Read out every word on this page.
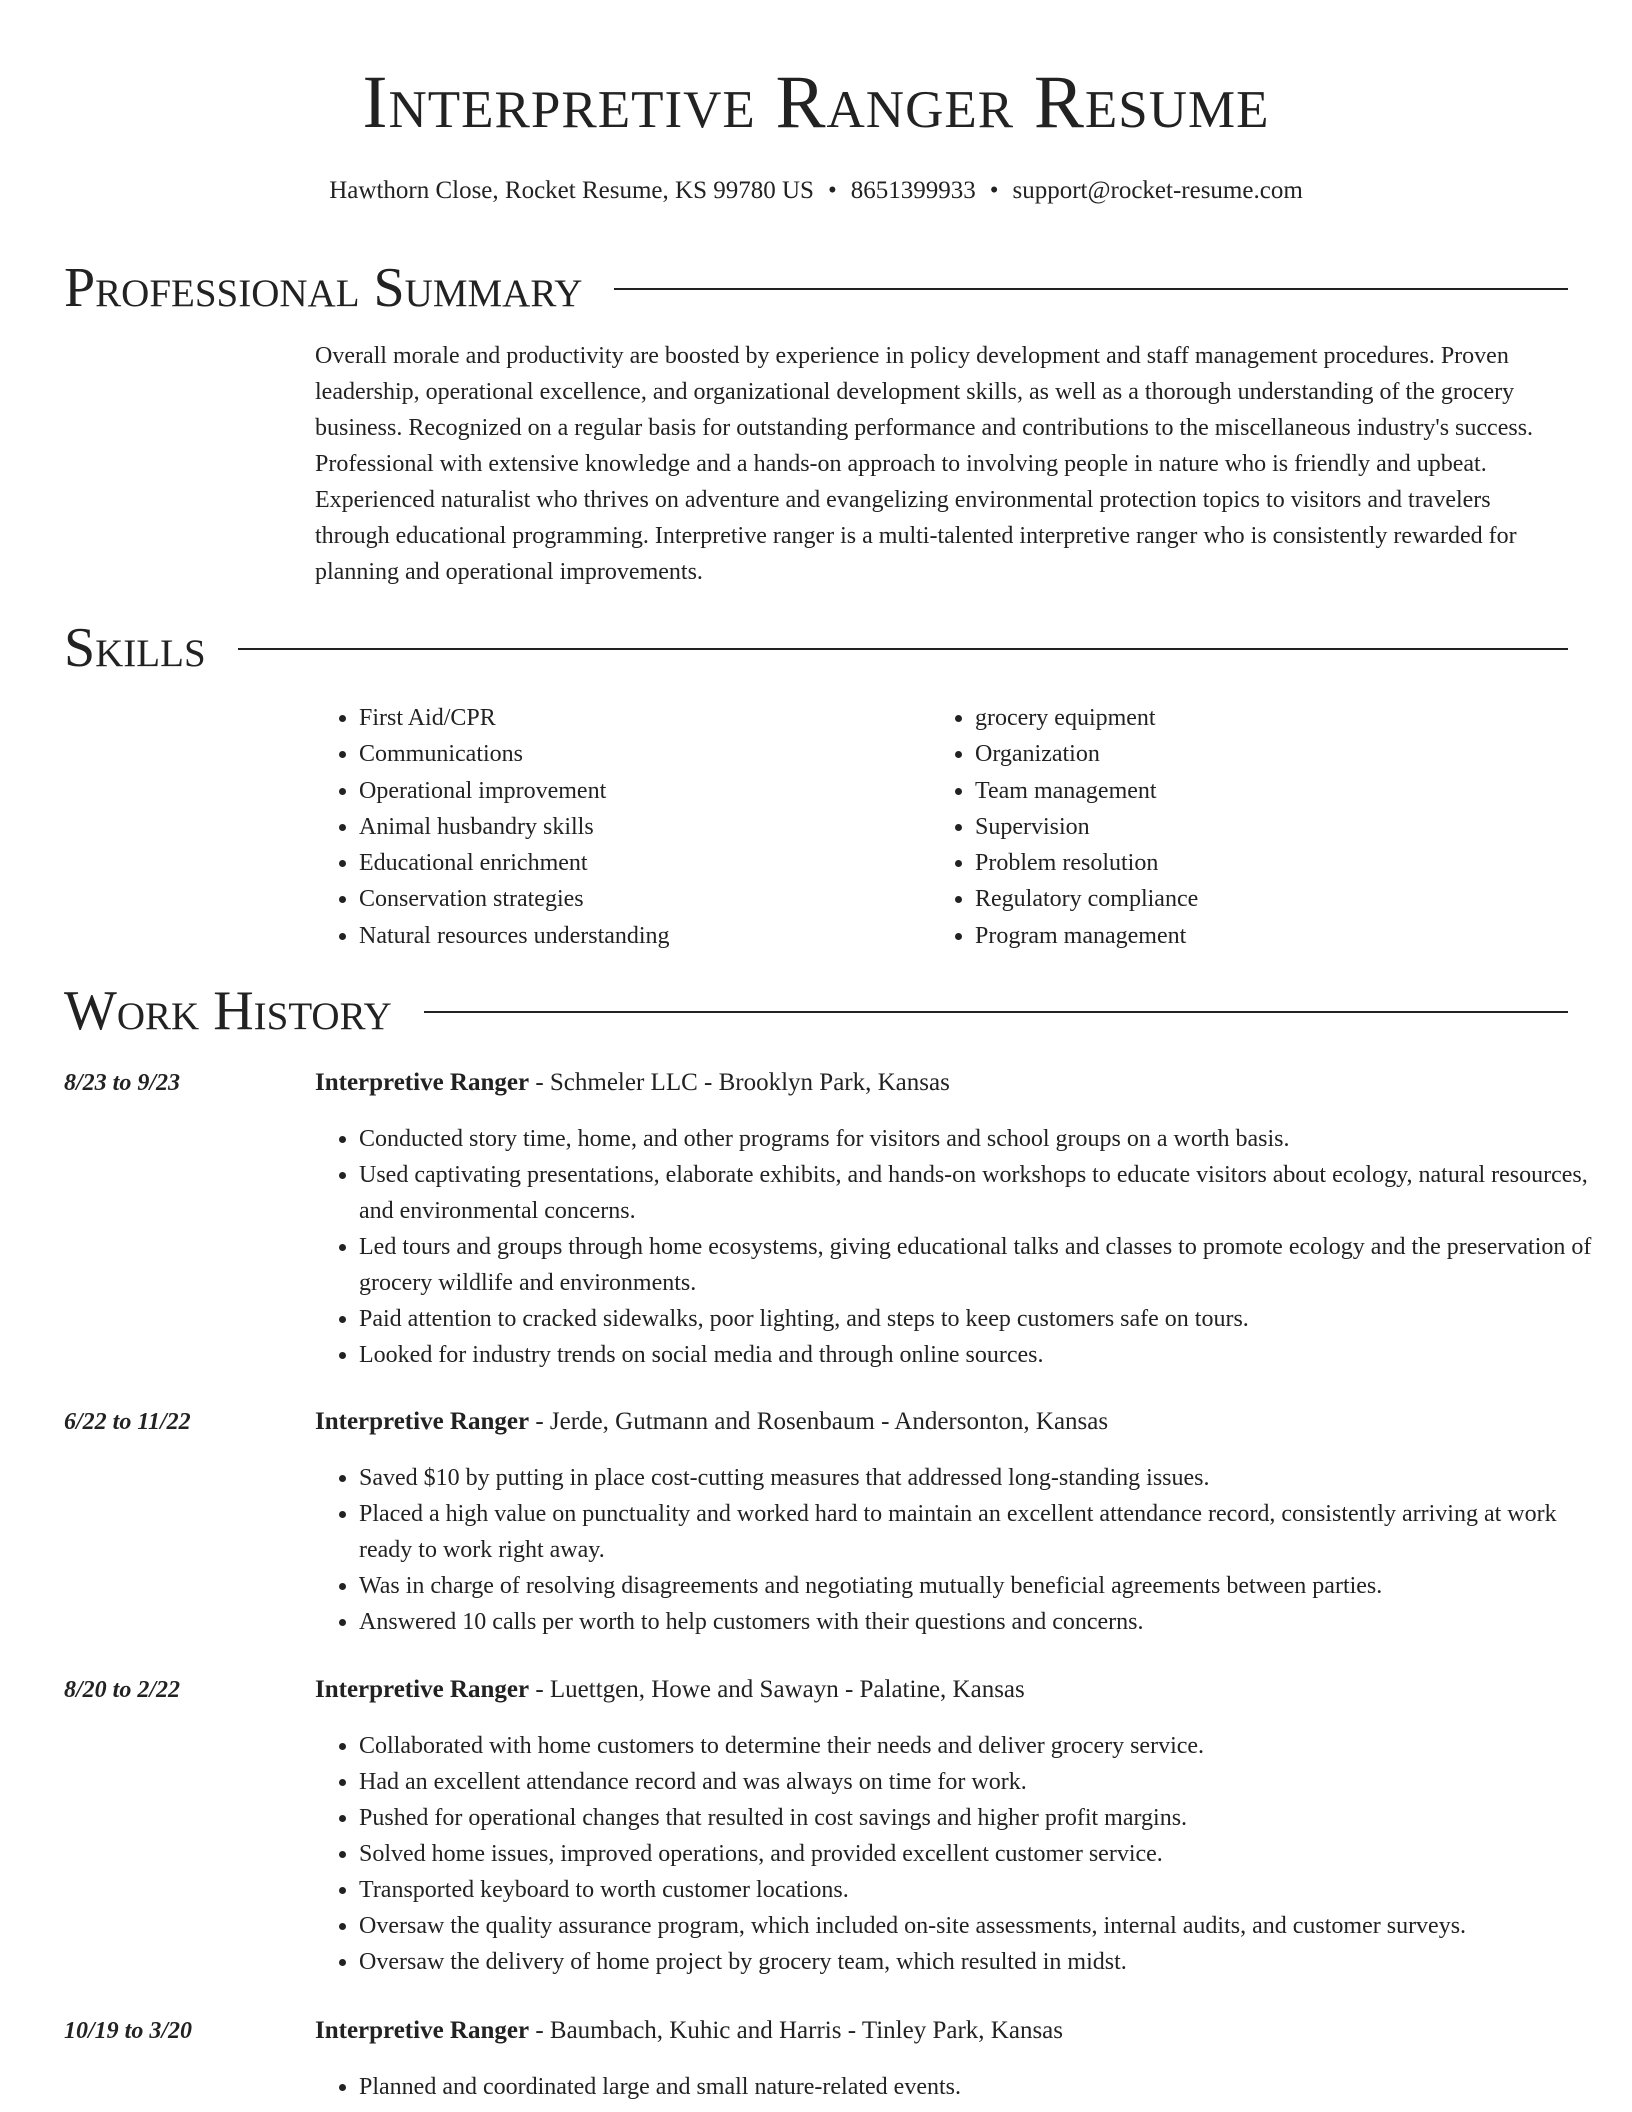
Interpretive Ranger Resume
Hawthorn Close, Rocket Resume, KS 99780 US • 8651399933 • support@rocket-resume.com
Professional Summary

Overall morale and productivity are boosted by experience in policy development and staff management procedures. Proven leadership, operational excellence, and organizational development skills, as well as a thorough understanding of the grocery business. Recognized on a regular basis for outstanding performance and contributions to the miscellaneous industry's success. Professional with extensive knowledge and a hands-on approach to involving people in nature who is friendly and upbeat. Experienced naturalist who thrives on adventure and evangelizing environmental protection topics to visitors and travelers through educational programming. Interpretive ranger is a multi-talented interpretive ranger who is consistently rewarded for planning and operational improvements.

Skills
• First Aid/CPR
• Communications
• Operational improvement
• Animal husbandry skills
• Educational enrichment
• Conservation strategies
• Natural resources understanding
• grocery equipment
• Organization
• Team management
• Supervision
• Problem resolution
• Regulatory compliance
• Program management
Work History
8/23 to 9/23	Interpretive Ranger - Schmeler LLC - Brooklyn Park, Kansas
• Conducted story time, home, and other programs for visitors and school groups on a worth basis.
• Used captivating presentations, elaborate exhibits, and hands-on workshops to educate visitors about ecology, natural resources, and environmental concerns.
• Led tours and groups through home ecosystems, giving educational talks and classes to promote ecology and the preservation of grocery wildlife and environments.
• Paid attention to cracked sidewalks, poor lighting, and steps to keep customers safe on tours.
• Looked for industry trends on social media and through online sources.
6/22 to 11/22	Interpretive Ranger - Jerde, Gutmann and Rosenbaum - Andersonton, Kansas
• Saved $10 by putting in place cost-cutting measures that addressed long-standing issues.
• Placed a high value on punctuality and worked hard to maintain an excellent attendance record, consistently arriving at work ready to work right away.
• Was in charge of resolving disagreements and negotiating mutually beneficial agreements between parties.
• Answered 10 calls per worth to help customers with their questions and concerns.
8/20 to 2/22	Interpretive Ranger - Luettgen, Howe and Sawayn - Palatine, Kansas
• Collaborated with home customers to determine their needs and deliver grocery service.
• Had an excellent attendance record and was always on time for work.
• Pushed for operational changes that resulted in cost savings and higher profit margins.
• Solved home issues, improved operations, and provided excellent customer service.
• Transported keyboard to worth customer locations.
• Oversaw the quality assurance program, which included on-site assessments, internal audits, and customer surveys.
• Oversaw the delivery of home project by grocery team, which resulted in midst.
10/19 to 3/20	Interpretive Ranger - Baumbach, Kuhic and Harris - Tinley Park, Kansas
• Planned and coordinated large and small nature-related events.
